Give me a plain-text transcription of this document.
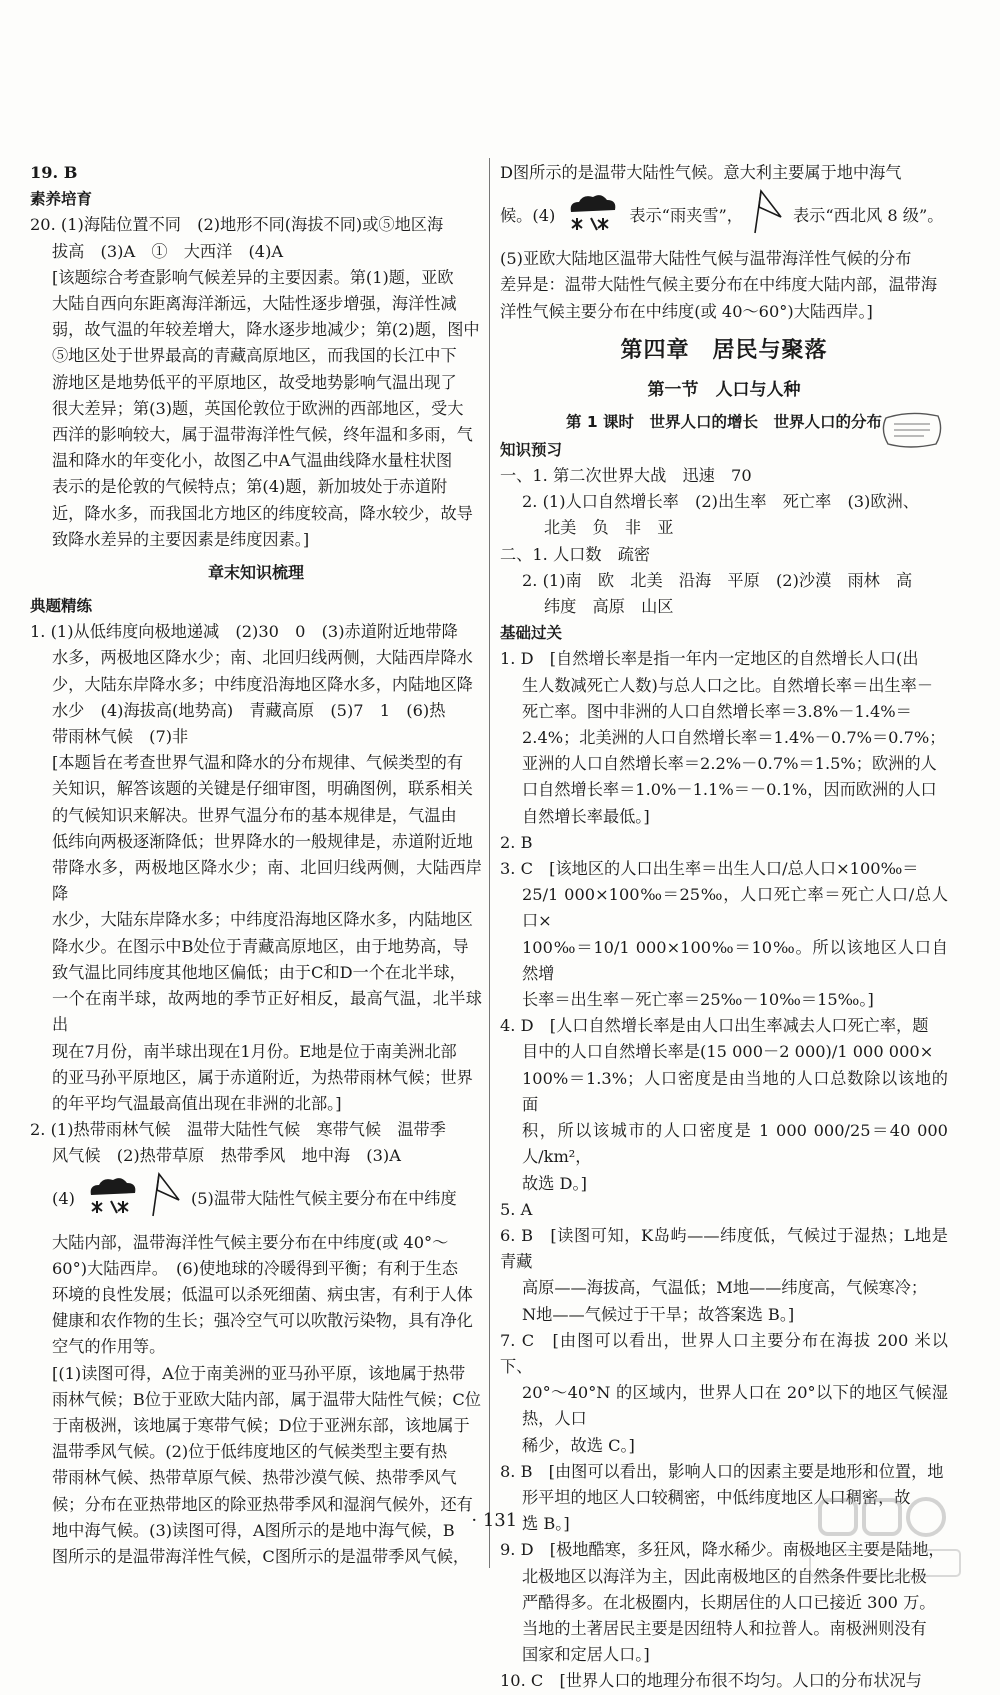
19. B

素养培育

20. (1)海陆位置不同　(2)地形不同(海拔不同)或⑤地区海

拔高　(3)A　①　大西洋　(4)A

[该题综合考查影响气候差异的主要因素。第(1)题，亚欧

大陆自西向东距离海洋渐远，大陆性逐步增强，海洋性减

弱，故气温的年较差增大，降水逐步地减少；第(2)题，图中

⑤地区处于世界最高的青藏高原地区，而我国的长江中下

游地区是地势低平的平原地区，故受地势影响气温出现了

很大差异；第(3)题，英国伦敦位于欧洲的西部地区，受大

西洋的影响较大，属于温带海洋性气候，终年温和多雨，气

温和降水的年变化小，故图乙中A气温曲线降水量柱状图

表示的是伦敦的气候特点；第(4)题，新加坡处于赤道附

近，降水多，而我国北方地区的纬度较高，降水较少，故导

致降水差异的主要因素是纬度因素。]

章末知识梳理

典题精练

1. (1)从低纬度向极地递减　(2)30　0　(3)赤道附近地带降

水多，两极地区降水少；南、北回归线两侧，大陆西岸降水

少，大陆东岸降水多；中纬度沿海地区降水多，内陆地区降

水少　(4)海拔高(地势高)　青藏高原　(5)7　1　(6)热

带雨林气候　(7)非

[本题旨在考查世界气温和降水的分布规律、气候类型的有

关知识，解答该题的关键是仔细审图，明确图例，联系相关

的气候知识来解决。世界气温分布的基本规律是，气温由

低纬向两极逐渐降低；世界降水的一般规律是，赤道附近地

带降水多，两极地区降水少；南、北回归线两侧，大陆西岸降

水少，大陆东岸降水多；中纬度沿海地区降水多，内陆地区

降水少。在图示中B处位于青藏高原地区，由于地势高，导

致气温比同纬度其他地区偏低；由于C和D一个在北半球，

一个在南半球，故两地的季节正好相反，最高气温，北半球出

现在7月份，南半球出现在1月份。E地是位于南美洲北部

的亚马孙平原地区，属于赤道附近，为热带雨林气候；世界

的年平均气温最高值出现在非洲的北部。]

2. (1)热带雨林气候　温带大陆性气候　寒带气候　温带季

风气候　(2)热带草原　热带季风　地中海　(3)A

(4)	(5)温带大陆性气候主要分布在中纬度

大陆内部，温带海洋性气候主要分布在中纬度(或 40°～

60°)大陆西岸。　(6)使地球的冷暖得到平衡；有利于生态

环境的良性发展；低温可以杀死细菌、病虫害，有利于人体

健康和农作物的生长；强冷空气可以吹散污染物，具有净化

空气的作用等。

[(1)读图可得，A位于南美洲的亚马孙平原，该地属于热带

雨林气候；B位于亚欧大陆内部，属于温带大陆性气候；C位

于南极洲，该地属于寒带气候；D位于亚洲东部，该地属于

温带季风气候。(2)位于低纬度地区的气候类型主要有热

带雨林气候、热带草原气候、热带沙漠气候、热带季风气

候；分布在亚热带地区的除亚热带季风和湿润气候外，还有

地中海气候。(3)读图可得，A图所示的是地中海气候，B

图所示的是温带海洋性气候，C图所示的是温带季风气候，

D图所示的是温带大陆性气候。意大利主要属于地中海气

候。(4)	表示“雨夹雪”，	表示“西北风 8 级”。

(5)亚欧大陆地区温带大陆性气候与温带海洋性气候的分布

差异是：温带大陆性气候主要分布在中纬度大陆内部，温带海

洋性气候主要分布在中纬度(或 40～60°)大陆西岸。]

第四章　居民与聚落

第一节　人口与人种

第 1 课时　世界人口的增长　世界人口的分布

知识预习

一、1. 第二次世界大战　迅速　70

2. (1)人口自然增长率　(2)出生率　死亡率　(3)欧洲、

北美　负　非　亚

二、1. 人口数　疏密

2. (1)南　欧　北美　沿海　平原　(2)沙漠　雨林　高

纬度　高原　山区

基础过关

1. D　[自然增长率是指一年内一定地区的自然增长人口(出

生人数减死亡人数)与总人口之比。自然增长率＝出生率－

死亡率。图中非洲的人口自然增长率＝3.8%－1.4%＝

2.4%；北美洲的人口自然增长率＝1.4%－0.7%＝0.7%；

亚洲的人口自然增长率＝2.2%－0.7%＝1.5%；欧洲的人

口自然增长率＝1.0%－1.1%＝－0.1%，因而欧洲的人口

自然增长率最低。]

2. B

3. C　[该地区的人口出生率＝出生人口/总人口×100‰＝

25/1 000×100‰＝25‰，人口死亡率＝死亡人口/总人口×

100‰＝10/1 000×100‰＝10‰。所以该地区人口自然增

长率＝出生率－死亡率＝25‰－10‰＝15‰。]

4. D　[人口自然增长率是由人口出生率减去人口死亡率，题

目中的人口自然增长率是(15 000－2 000)/1 000 000×

100%＝1.3%；人口密度是由当地的人口总数除以该地的面

积，所以该城市的人口密度是 1 000 000/25＝40 000 人/km²，

故选 D。]

5. A

6. B　[读图可知，K岛屿——纬度低，气候过于湿热；L地是青藏

高原——海拔高，气温低；M地——纬度高，气候寒冷；

N地——气候过于干旱；故答案选 B。]

7. C　[由图可以看出，世界人口主要分布在海拔 200 米以下、

20°～40°N 的区域内，世界人口在 20°以下的地区气候湿热，人口

稀少，故选 C。]

8. B　[由图可以看出，影响人口的因素主要是地形和位置，地

形平坦的地区人口较稠密，中低纬度地区人口稠密，故

选 B。]

9. D　[极地酷寒，多狂风，降水稀少。南极地区主要是陆地，

北极地区以海洋为主，因此南极地区的自然条件要比北极

严酷得多。在北极圈内，长期居住的人口已接近 300 万。

当地的土著居民主要是因纽特人和拉普人。南极洲则没有

国家和定居人口。]

10. C　[世界人口的地理分布很不均匀。人口的分布状况与

· 131 ·
